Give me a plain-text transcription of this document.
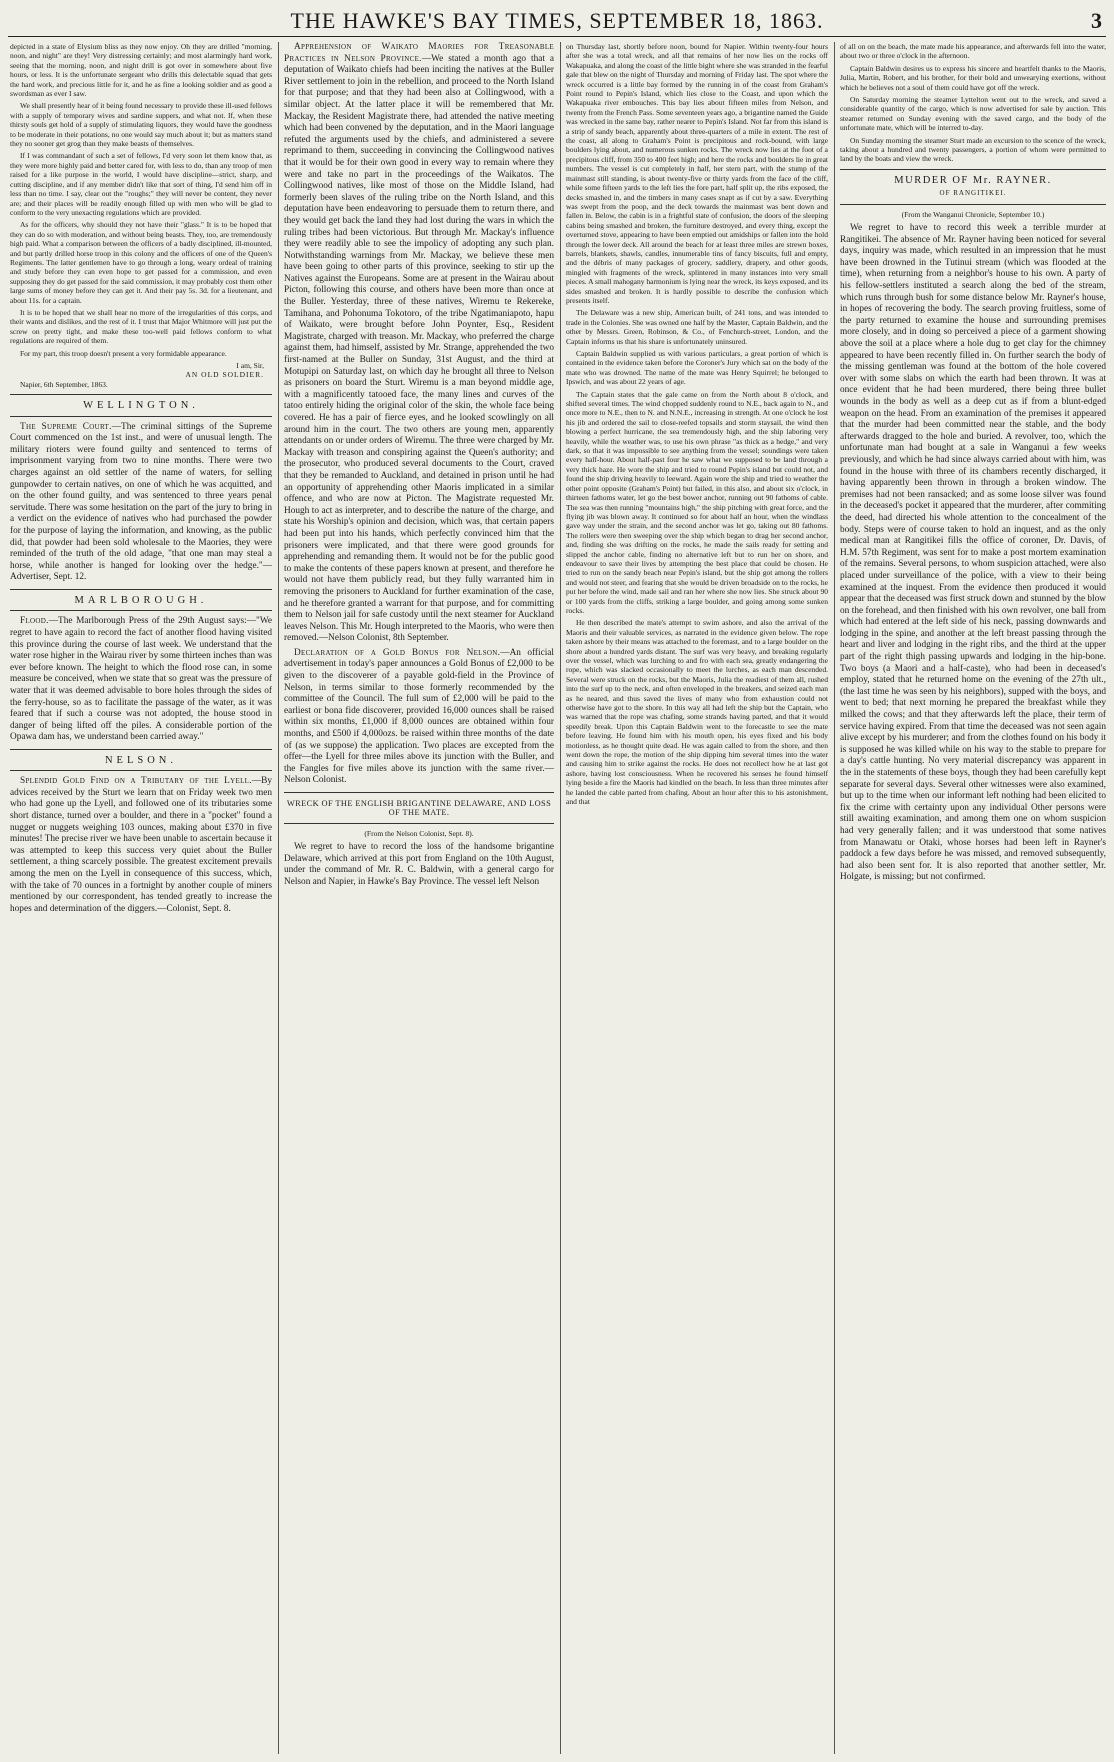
THE HAWKE'S BAY TIMES, SEPTEMBER 18, 1863.	3

depicted in a state of Elysium bliss as they now enjoy. Oh they are drilled "morning, noon, and night" are they! Very distressing certainly; and most alarmingly hard work, seeing that the morning, noon, and night drill is got over in somewhere about five hours, or less. It is the unfortunate sergeant who drills this delectable squad that gets the hard work, and precious little for it, and he as fine a looking soldier and as good a swordsman as ever I saw.

We shall presently hear of it being found necessary to provide these ill-used fellows with a supply of temporary wives and sardine suppers, and what not. If, when these thirsty souls get hold of a supply of stimulating liquors, they would have the goodness to be moderate in their potations, no one would say much about it; but as matters stand they no sooner get grog than they make beasts of themselves.

If I was commandant of such a set of fellows, I'd very soon let them know that, as they were more highly paid and better cared for, with less to do, than any troop of men raised for a like purpose in the world, I would have discipline—strict, sharp, and cutting discipline, and if any member didn't like that sort of thing, I'd send him off in less than no time. I say, clear out the "roughs;" they will never be content, they never are; and their places will be readily enough filled up with men who will be glad to conform to the very unexacting regulations which are provided.

As for the officers, why should they not have their "glass." It is to be hoped that they can do so with moderation, and without being beasts. They, too, are tremendously high paid. What a comparison between the officers of a badly disciplined, ill-mounted, and but partly drilled horse troop in this colony and the officers of one of the Queen's Regiments. The latter gentlemen have to go through a long, weary ordeal of training and study before they can even hope to get passed for a commission, and even supposing they do get passed for the said commission, it may probably cost them other large sums of money before they can get it. And their pay 5s. 3d. for a lieutenant, and about 11s. for a captain.

It is to be hoped that we shall hear no more of the irregularities of this corps, and their wants and dislikes, and the rest of it. I trust that Major Whitmore will just put the screw on pretty tight, and make these too-well paid fellows conform to what regulations are required of them.

For my part, this troop doesn't present a very formidable appearance.

I am, Sir,
AN OLD SOLDIER.
Napier, 6th September, 1863.
WELLINGTON.

The Supreme Court.—The criminal sittings of the Supreme Court commenced on the 1st inst., and were of unusual length. The military rioters were found guilty and sentenced to terms of imprisonment varying from two to nine months. There were two charges against an old settler of the name of waters, for selling gunpowder to certain natives, on one of which he was acquitted, and on the other found guilty, and was sentenced to three years penal servitude. There was some hesitation on the part of the jury to bring in a verdict on the evidence of natives who had purchased the powder for the purpose of laying the information, and knowing, as the public did, that powder had been sold wholesale to the Maories, they were reminded of the truth of the old adage, "that one man may steal a horse, while another is hanged for looking over the hedge."—Advertiser, Sept. 12.

MARLBOROUGH.

Flood.—The Marlborough Press of the 29th August says:—"We regret to have again to record the fact of another flood having visited this province during the course of last week. We understand that the water rose higher in the Wairau river by some thirteen inches than was ever before known. The height to which the flood rose can, in some measure be conceived, when we state that so great was the pressure of water that it was deemed advisable to bore holes through the sides of the ferry-house, so as to facilitate the passage of the water, as it was feared that if such a course was not adopted, the house stood in danger of being lifted off the piles. A considerable portion of the Opawa dam has, we understand been carried away."

NELSON.

Splendid Gold Find on a Tributary of the Lyell.—By advices received by the Sturt we learn that on Friday week two men who had gone up the Lyell, and followed one of its tributaries some short distance, turned over a boulder, and there in a "pocket" found a nugget or nuggets weighing 103 ounces, making about £370 in five minutes! The precise river we have been unable to ascertain because it was attempted to keep this success very quiet about the Buller settlement, a thing scarcely possible. The greatest excitement prevails among the men on the Lyell in consequence of this success, which, with the take of 70 ounces in a fortnight by another couple of miners mentioned by our correspondent, has tended greatly to increase the hopes and determination of the diggers.—Colonist, Sept. 8.

Apprehension of Waikato Maories for Treasonable Practices in Nelson Province.—We stated a month ago that a deputation of Waikato chiefs had been inciting the natives at the Buller River settlement to join in the rebellion, and proceed to the North Island for that purpose; and that they had been also at Collingwood, with a similar object. At the latter place it will be remembered that Mr. Mackay, the Resident Magistrate there, had attended the native meeting which had been convened by the deputation, and in the Maori language refuted the arguments used by the chiefs, and administered a severe reprimand to them, succeeding in convincing the Collingwood natives that it would be for their own good in every way to remain where they were and take no part in the proceedings of the Waikatos. The Collingwood natives, like most of those on the Middle Island, had formerly been slaves of the ruling tribe on the North Island, and this deputation have been endeavoring to persuade them to return there, and they would get back the land they had lost during the wars in which the ruling tribes had been victorious. But through Mr. Mackay's influence they were readily able to see the impolicy of adopting any such plan. Notwithstanding warnings from Mr. Mackay, we believe these men have been going to other parts of this province, seeking to stir up the Natives against the Europeans. Some are at present in the Wairau about Picton, following this course, and others have been more than once at the Buller. Yesterday, three of these natives, Wiremu te Rekereke, Tamihana, and Pohonuma Tokotoro, of the tribe Ngatimaniapoto, hapu of Waikato, were brought before John Poynter, Esq., Resident Magistrate, charged with treason. Mr. Mackay, who preferred the charge against them, had himself, assisted by Mr. Strange, apprehended the two first-named at the Buller on Sunday, 31st August, and the third at Motupipi on Saturday last, on which day he brought all three to Nelson as prisoners on board the Sturt. Wiremu is a man beyond middle age, with a magnificently tatooed face, the many lines and curves of the tatoo entirely hiding the original color of the skin, the whole face being covered. He has a pair of fierce eyes, and he looked scowlingly on all around him in the court. The two others are young men, apparently attendants on or under orders of Wiremu. The three were charged by Mr. Mackay with treason and conspiring against the Queen's authority; and the prosecutor, who produced several documents to the Court, craved that they be remanded to Auckland, and detained in prison until he had an opportunity of apprehending other Maoris implicated in a similar offence, and who are now at Picton. The Magistrate requested Mr. Hough to act as interpreter, and to describe the nature of the charge, and state his Worship's opinion and decision, which was, that certain papers had been put into his hands, which perfectly convinced him that the prisoners were implicated, and that there were good grounds for apprehending and remanding them. It would not be for the public good to make the contents of these papers known at present, and therefore he would not have them publicly read, but they fully warranted him in removing the prisoners to Auckland for further examination of the case, and he therefore granted a warrant for that purpose, and for committing them to Nelson jail for safe custody until the next steamer for Auckland leaves Nelson. This Mr. Hough interpreted to the Maoris, who were then removed.—Nelson Colonist, 8th September.

Declaration of a Gold Bonus for Nelson.—An official advertisement in today's paper announces a Gold Bonus of £2,000 to be given to the discoverer of a payable gold-field in the Province of Nelson, in terms similar to those formerly recommended by the committee of the Council. The full sum of £2,000 will be paid to the earliest or bona fide discoverer, provided 16,000 ounces shall be raised within six months, £1,000 if 8,000 ounces are obtained within four months, and £500 if 4,000ozs. be raised within three months of the date of (as we suppose) the application. Two places are excepted from the offer—the Lyell for three miles above its junction with the Buller, and the Fangles for five miles above its junction with the same river.—Nelson Colonist.

WRECK OF THE ENGLISH BRIGANTINE DELAWARE, AND LOSS OF THE MATE.
(From the Nelson Colonist, Sept. 8).

We regret to have to record the loss of the handsome brigantine Delaware, which arrived at this port from England on the 10th August, under the command of Mr. R. C. Baldwin, with a general cargo for Nelson and Napier, in Hawke's Bay Province. The vessel left Nelson

on Thursday last, shortly before noon, bound for Napier. Within twenty-four hours after she was a total wreck, and all that remains of her now lies on the rocks off Wakapuaka, and along the coast of the little bight where she was stranded in the fearful gale that blew on the night of Thursday and morning of Friday last. The spot where the wreck occurred is a little bay formed by the running in of the coast from Graham's Point round to Pepin's Island, which lies close to the Coast, and upon which the Wakapuaka river embouches. This bay lies about fifteen miles from Nelson, and twenty from the French Pass. Some seventeen years ago, a brigantine named the Guide was wrecked in the same bay, rather nearer to Pepin's Island. Not far from this island is a strip of sandy beach, apparently about three-quarters of a mile in extent. The rest of the coast, all along to Graham's Point is precipitous and rock-bound, with large boulders lying about, and numerous sunken rocks. The wreck now lies at the foot of a precipitous cliff, from 350 to 400 feet high; and here the rocks and boulders lie in great numbers. The vessel is cut completely in half, her stern part, with the stump of the mainmast still standing, is about twenty-five or thirty yards from the face of the cliff, while some fifteen yards to the left lies the fore part, half split up, the ribs exposed, the decks smashed in, and the timbers in many cases snapt as if cut by a saw. Everything was swept from the poop, and the deck towards the mainmast was bent down and fallen in. Below, the cabin is in a frightful state of confusion, the doors of the sleeping cabins being smashed and broken, the furniture destroyed, and every thing, except the overturned stove, appearing to have been emptied out amidships or fallen into the hold through the lower deck. All around the beach for at least three miles are strewn boxes, barrels, blankets, shawls, candles, innumerable tins of fancy biscuits, full and empty, and the débris of many packages of grocery, saddlery, drapery, and other goods, mingled with fragments of the wreck, splintered in many instances into very small pieces. A small mahogany harmonium is lying near the wreck, its keys exposed, and its sides smashed and broken. It is hardly possible to describe the confusion which presents itself.

The Delaware was a new ship, American built, of 241 tons, and was intended to trade in the Colonies. She was owned one half by the Master, Captain Baldwin, and the other by Messrs. Green, Robinson, & Co., of Fenchurch-street, London, and the Captain informs us that his share is unfortunately uninsured.

Captain Baldwin supplied us with various particulars, a great portion of which is contained in the evidence taken before the Coroner's Jury which sat on the body of the mate who was drowned. The name of the mate was Henry Squirrel; he belonged to Ipswich, and was about 22 years of age.

The Captain states that the gale came on from the North about 8 o'clock, and shifted several times. The wind chopped suddenly round to N.E., back again to N., and once more to N.E., then to N. and N.N.E., increasing in strength. At one o'clock he lost his jib and ordered the sail to close-reefed topsails and storm staysail, the wind then blowing a perfect hurricane, the sea tremendously high, and the ship laboring very heavily, while the weather was, to use his own phrase "as thick as a hedge," and very dark, so that it was impossible to see anything from the vessel; soundings were taken every half-hour. About half-past four he saw what we supposed to be land through a very thick haze. He wore the ship and tried to round Pepin's island but could not, and found the ship driving heavily to leeward. Again wore the ship and tried to weather the other point opposite (Graham's Point) but failed, in this also, and about six o'clock, in thirteen fathoms water, let go the best bower anchor, running out 90 fathoms of cable. The sea was then running "mountains high," the ship pitching with great force, and the flying jib was blown away. It continued so for about half an hour, when the windlass gave way under the strain, and the second anchor was let go, taking out 80 fathoms. The rollers were then sweeping over the ship which began to drag her second anchor, and, finding she was drifting on the rocks, he made the sails ready for setting and slipped the anchor cable, finding no alternative left but to run her on shore, and endeavour to save their lives by attempting the best place that could be chosen. He tried to run on the sandy beach near Pepin's island, but the ship got among the rollers and would not steer, and fearing that she would be driven broadside on to the rocks, he put her before the wind, made sail and ran her where she now lies. She struck about 90 or 100 yards from the cliffs, striking a large boulder, and going among some sunken rocks.

He then described the mate's attempt to swim ashore, and also the arrival of the Maoris and their valuable services, as narrated in the evidence given below. The rope taken ashore by their means was attached to the foremast, and to a large boulder on the shore about a hundred yards distant. The surf was very heavy, and breaking regularly over the vessel, which was lurching to and fro with each sea, greatly endangering the rope, which was slacked occasionally to meet the lurches, as each man descended. Several were struck on the rocks, but the Maoris, Julia the readiest of them all, rushed into the surf up to the neck, and often enveloped in the breakers, and seized each man as he neared, and thus saved the lives of many who from exhaustion could not otherwise have got to the shore. In this way all had left the ship but the Captain, who was warned that the rope was chafing, some strands having parted, and that it would speedily break. Upon this Captain Baldwin went to the forecastle to see the mate before leaving. He found him with his mouth open, his eyes fixed and his body motionless, as he thought quite dead. He was again called to from the shore, and then went down the rope, the motion of the ship dipping him several times into the water and causing him to strike against the rocks. He does not recollect how he at last got ashore, having lost consciousness. When he recovered his senses he found himself lying beside a fire the Maoris had kindled on the beach. In less than three minutes after he landed the cable parted from chafing. About an hour after this to his astonishment, and that

of all on on the beach, the mate made his appearance, and afterwards fell into the water, about two or three o'clock in the afternoon.

Captain Baldwin desires us to express his sincere and heartfelt thanks to the Maoris, Julia, Martin, Robert, and his brother, for their bold and unwearying exertions, without which he believes not a soul of them could have got off the wreck.

On Saturday morning the steamer Lyttelton went out to the wreck, and saved a considerable quantity of the cargo, which is now advertised for sale by auction. This steamer returned on Sunday evening with the saved cargo, and the body of the unfortunate mate, which will be interred to-day.

On Sunday morning the steamer Sturt made an excursion to the scence of the wreck, taking about a hundred and twenty passengers, a portion of whom were permitted to land by the boats and view the wreck.

MURDER OF Mr. RAYNER.
OF RANGITIKEI.
(From the Wanganui Chronicle, September 10.)

We regret to have to record this week a terrible murder at Rangitikei. The absence of Mr. Rayner having been noticed for several days, inquiry was made, which resulted in an impression that he must have been drowned in the Tutinui stream (which was flooded at the time), when returning from a neighbor's house to his own. A party of his fellow-settlers instituted a search along the bed of the stream, which runs through bush for some distance below Mr. Rayner's house, in hopes of recovering the body. The search proving fruitless, some of the party returned to examine the house and surrounding premises more closely, and in doing so perceived a piece of a garment showing above the soil at a place where a hole dug to get clay for the chimney appeared to have been recently filled in. On further search the body of the missing gentleman was found at the bottom of the hole covered over with some slabs on which the earth had been thrown. It was at once evident that he had been murdered, there being three bullet wounds in the body as well as a deep cut as if from a blunt-edged weapon on the head. From an examination of the premises it appeared that the murder had been committed near the stable, and the body afterwards dragged to the hole and buried. A revolver, too, which the unfortunate man had bought at a sale in Wanganui a few weeks previously, and which he had since always carried about with him, was found in the house with three of its chambers recently discharged, it having apparently been thrown in through a broken window. The premises had not been ransacked; and as some loose silver was found in the deceased's pocket it appeared that the murderer, after commiting the deed, had directed his whole attention to the concealment of the body. Steps were of course taken to hold an inquest, and as the only medical man at Rangitikei fills the office of coroner, Dr. Davis, of H.M. 57th Regiment, was sent for to make a post mortem examination of the remains. Several persons, to whom suspicion attached, were also placed under surveillance of the police, with a view to their being examined at the inquest. From the evidence then produced it would appear that the deceased was first struck down and stunned by the blow on the forehead, and then finished with his own revolver, one ball from which had entered at the left side of his neck, passing downwards and lodging in the spine, and another at the left breast passing through the heart and liver and lodging in the right ribs, and the third at the upper part of the right thigh passing upwards and lodging in the hip-bone. Two boys (a Maori and a half-caste), who had been in deceased's employ, stated that he returned home on the evening of the 27th ult., (the last time he was seen by his neighbors), supped with the boys, and went to bed; that next morning he prepared the breakfast while they milked the cows; and that they afterwards left the place, their term of service having expired. From that time the deceased was not seen again alive except by his murderer; and from the clothes found on his body it is supposed he was killed while on his way to the stable to prepare for a day's cattle hunting. No very material discrepancy was apparent in the in the statements of these boys, though they had been carefully kept separate for several days. Several other witnesses were also examined, but up to the time when our informant left nothing had been elicited to fix the crime with certainty upon any individual Other persons were still awaiting examination, and among them one on whom suspicion had very generally fallen; and it was understood that some natives from Manawatu or Otaki, whose horses had been left in Rayner's paddock a few days before he was missed, and removed subsequently, had also been sent for. It is also reported that another settler, Mr. Holgate, is missing; but not confirmed.
